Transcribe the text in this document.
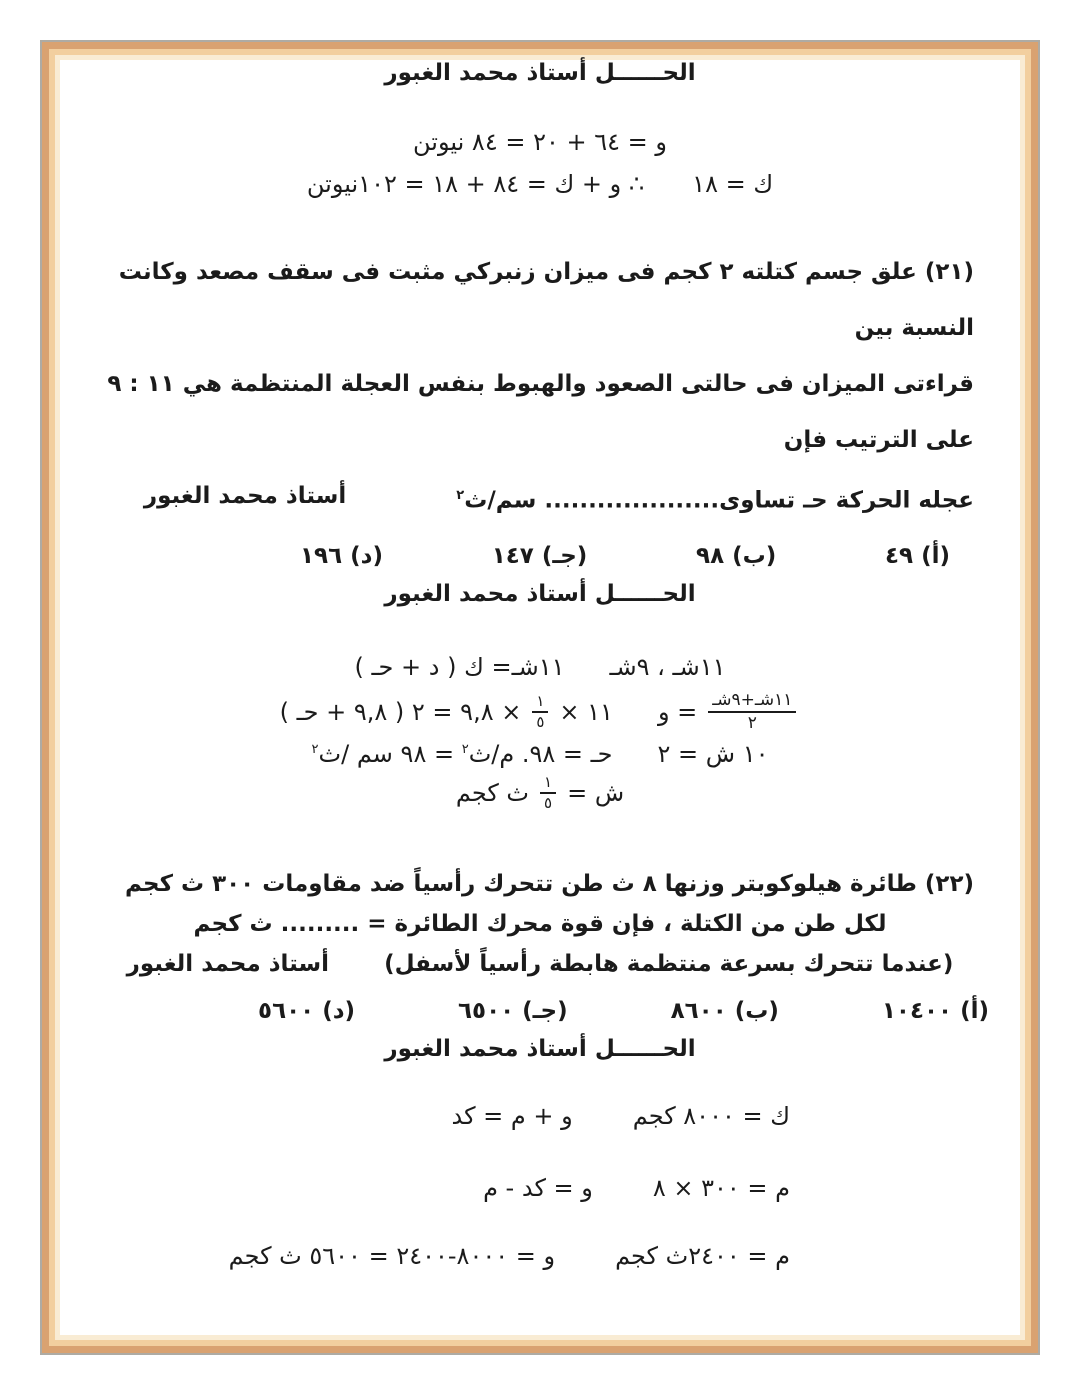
الحــــــل أستاذ محمد الغبور
و = ٦٤ + ٢٠ = ٨٤ نيوتن
ك = ١٨
∴ و + ك = ٨٤ + ١٨ = ١٠٢نيوتن
(٢١) علق جسم كتلته ٢ كجم فى ميزان زنبركي مثبت فى سقف مصعد وكانت النسبة بين
قراءتى الميزان فى حالتى الصعود والهبوط بنفس العجلة المنتظمة هي ١١ : ٩ على الترتيب فإن
عجله الحركة حـ تساوى.................... سم/ث$^٢$
أستاذ محمد الغبور
(أ) ٤٩
(ب) ٩٨
(جـ) ١٤٧
(د) ١٩٦
الحــــــل أستاذ محمد الغبور
١١شـ ، ٩شـ
١١شـ= ك ( د + حـ )
$\frac{\text{١١شـ+٩شـ}}{٢}$
= و
١١ ×
$\frac{١}{٥}$
× ٩,٨ = ٢ ( ٩,٨ + حـ )
١٠ ش = ٢
حـ = ٩٨. م/ث$^٢$ = ٩٨ سم /ث$^٢$
ش =
$\frac{١}{٥}$
ث كجم
(٢٢) طائرة هيلوكوبتر وزنها ٨ ث طن تتحرك رأسياً ضد مقاومات ٣٠٠ ث كجم
لكل طن من الكتلة ، فإن قوة محرك الطائرة = ......... ث كجم
(عندما تتحرك بسرعة منتظمة هابطة رأسياً لأسفل)
أستاذ محمد الغبور
(أ) ١٠٤٠٠
(ب) ٨٦٠٠
(جـ) ٦٥٠٠
(د) ٥٦٠٠
الحــــــل أستاذ محمد الغبور
ك = ٨٠٠٠ كجم
و + م = كد
م = ٣٠٠ × ٨
و = كد - م
م = ٢٤٠٠ث كجم
و = ٨٠٠٠-٢٤٠٠ = ٥٦٠٠ ث كجم
